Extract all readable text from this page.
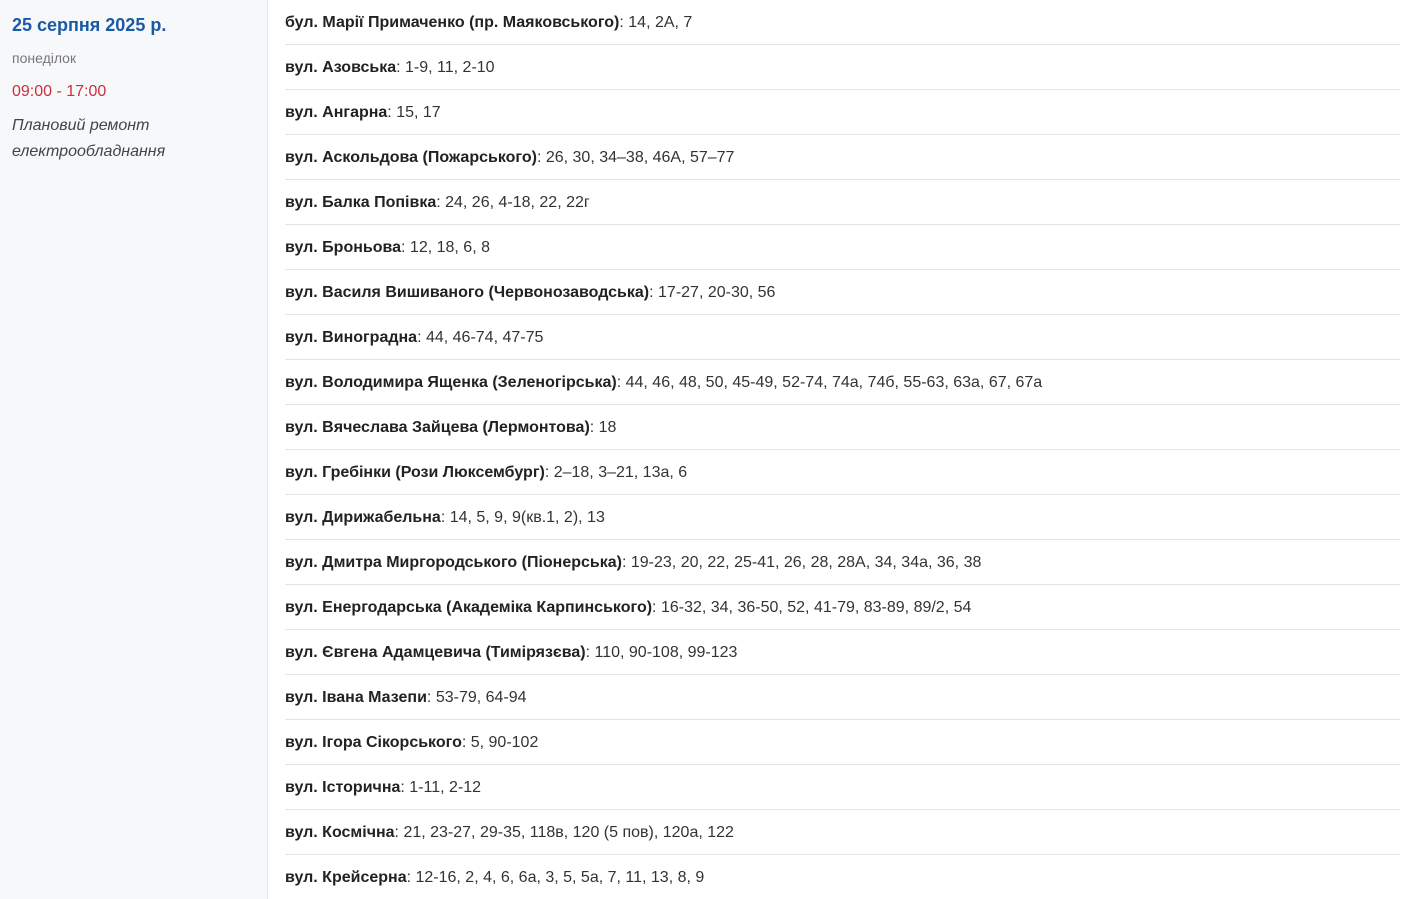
25 серпня 2025 р.
понеділок
09:00 - 17:00
Плановий ремонт електрообладнання
бул. Марії Примаченко (пр. Маяковського): 14, 2А, 7
вул. Азовська: 1-9, 11, 2-10
вул. Ангарна: 15, 17
вул. Аскольдова (Пожарського): 26, 30, 34–38, 46А, 57–77
вул. Балка Попівка: 24, 26, 4-18, 22, 22г
вул. Броньова: 12, 18, 6, 8
вул. Василя Вишиваного (Червонозаводська): 17-27, 20-30, 56
вул. Виноградна: 44, 46-74, 47-75
вул. Володимира Ященка (Зеленогірська): 44, 46, 48, 50, 45-49, 52-74, 74а, 74б, 55-63, 63а, 67, 67а
вул. Вячеслава Зайцева (Лермонтова): 18
вул. Гребінки (Рози Люксембург): 2–18, 3–21, 13а, 6
вул. Дирижабельна: 14, 5, 9, 9(кв.1, 2), 13
вул. Дмитра Миргородського (Піонерська): 19-23, 20, 22, 25-41, 26, 28, 28А, 34, 34а, 36, 38
вул. Енергодарська (Академіка Карпинського): 16-32, 34, 36-50, 52, 41-79, 83-89, 89/2, 54
вул. Євгена Адамцевича (Тимірязєва): 110, 90-108, 99-123
вул. Івана Мазепи: 53-79, 64-94
вул. Ігора Сікорського: 5, 90-102
вул. Історична: 1-11, 2-12
вул. Космічна: 21, 23-27, 29-35, 118в, 120 (5 пов), 120а, 122
вул. Крейсерна: 12-16, 2, 4, 6, 6а, 3, 5, 5а, 7, 11, 13, 8, 9
